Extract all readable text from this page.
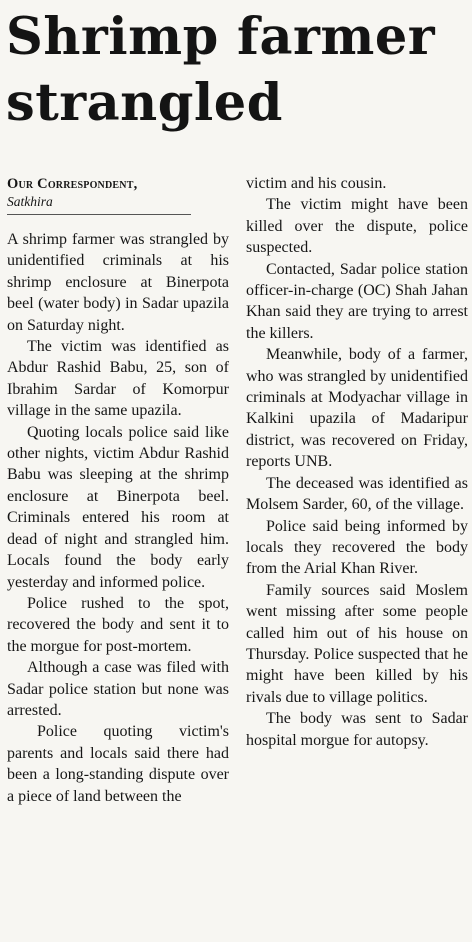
Shrimp farmer
strangled
Our Correspondent,
Satkhira

A shrimp farmer was strangled by unidentified criminals at his shrimp enclosure at Binerpota beel (water body) in Sadar upazila on Saturday night.

The victim was identified as Abdur Rashid Babu, 25, son of Ibrahim Sardar of Komorpur village in the same upazila.

Quoting locals police said like other nights, victim Abdur Rashid Babu was sleeping at the shrimp enclosure at Binerpota beel. Criminals entered his room at dead of night and strangled him. Locals found the body early yesterday and informed police.

Police rushed to the spot, recovered the body and sent it to the morgue for post-mortem.

Although a case was filed with Sadar police station but none was arrested.

Police quoting victim's parents and locals said there had been a long-standing dispute over a piece of land between the

victim and his cousin.

The victim might have been killed over the dispute, police suspected.

Contacted, Sadar police station officer-in-charge (OC) Shah Jahan Khan said they are trying to arrest the killers.

Meanwhile, body of a farmer, who was strangled by unidentified criminals at Modyachar village in Kalkini upazila of Madaripur district, was recovered on Friday, reports UNB.

The deceased was identified as Molsem Sarder, 60, of the village.

Police said being informed by locals they recovered the body from the Arial Khan River.

Family sources said Moslem went missing after some people called him out of his house on Thursday. Police suspected that he might have been killed by his rivals due to village politics.

The body was sent to Sadar hospital morgue for autopsy.
